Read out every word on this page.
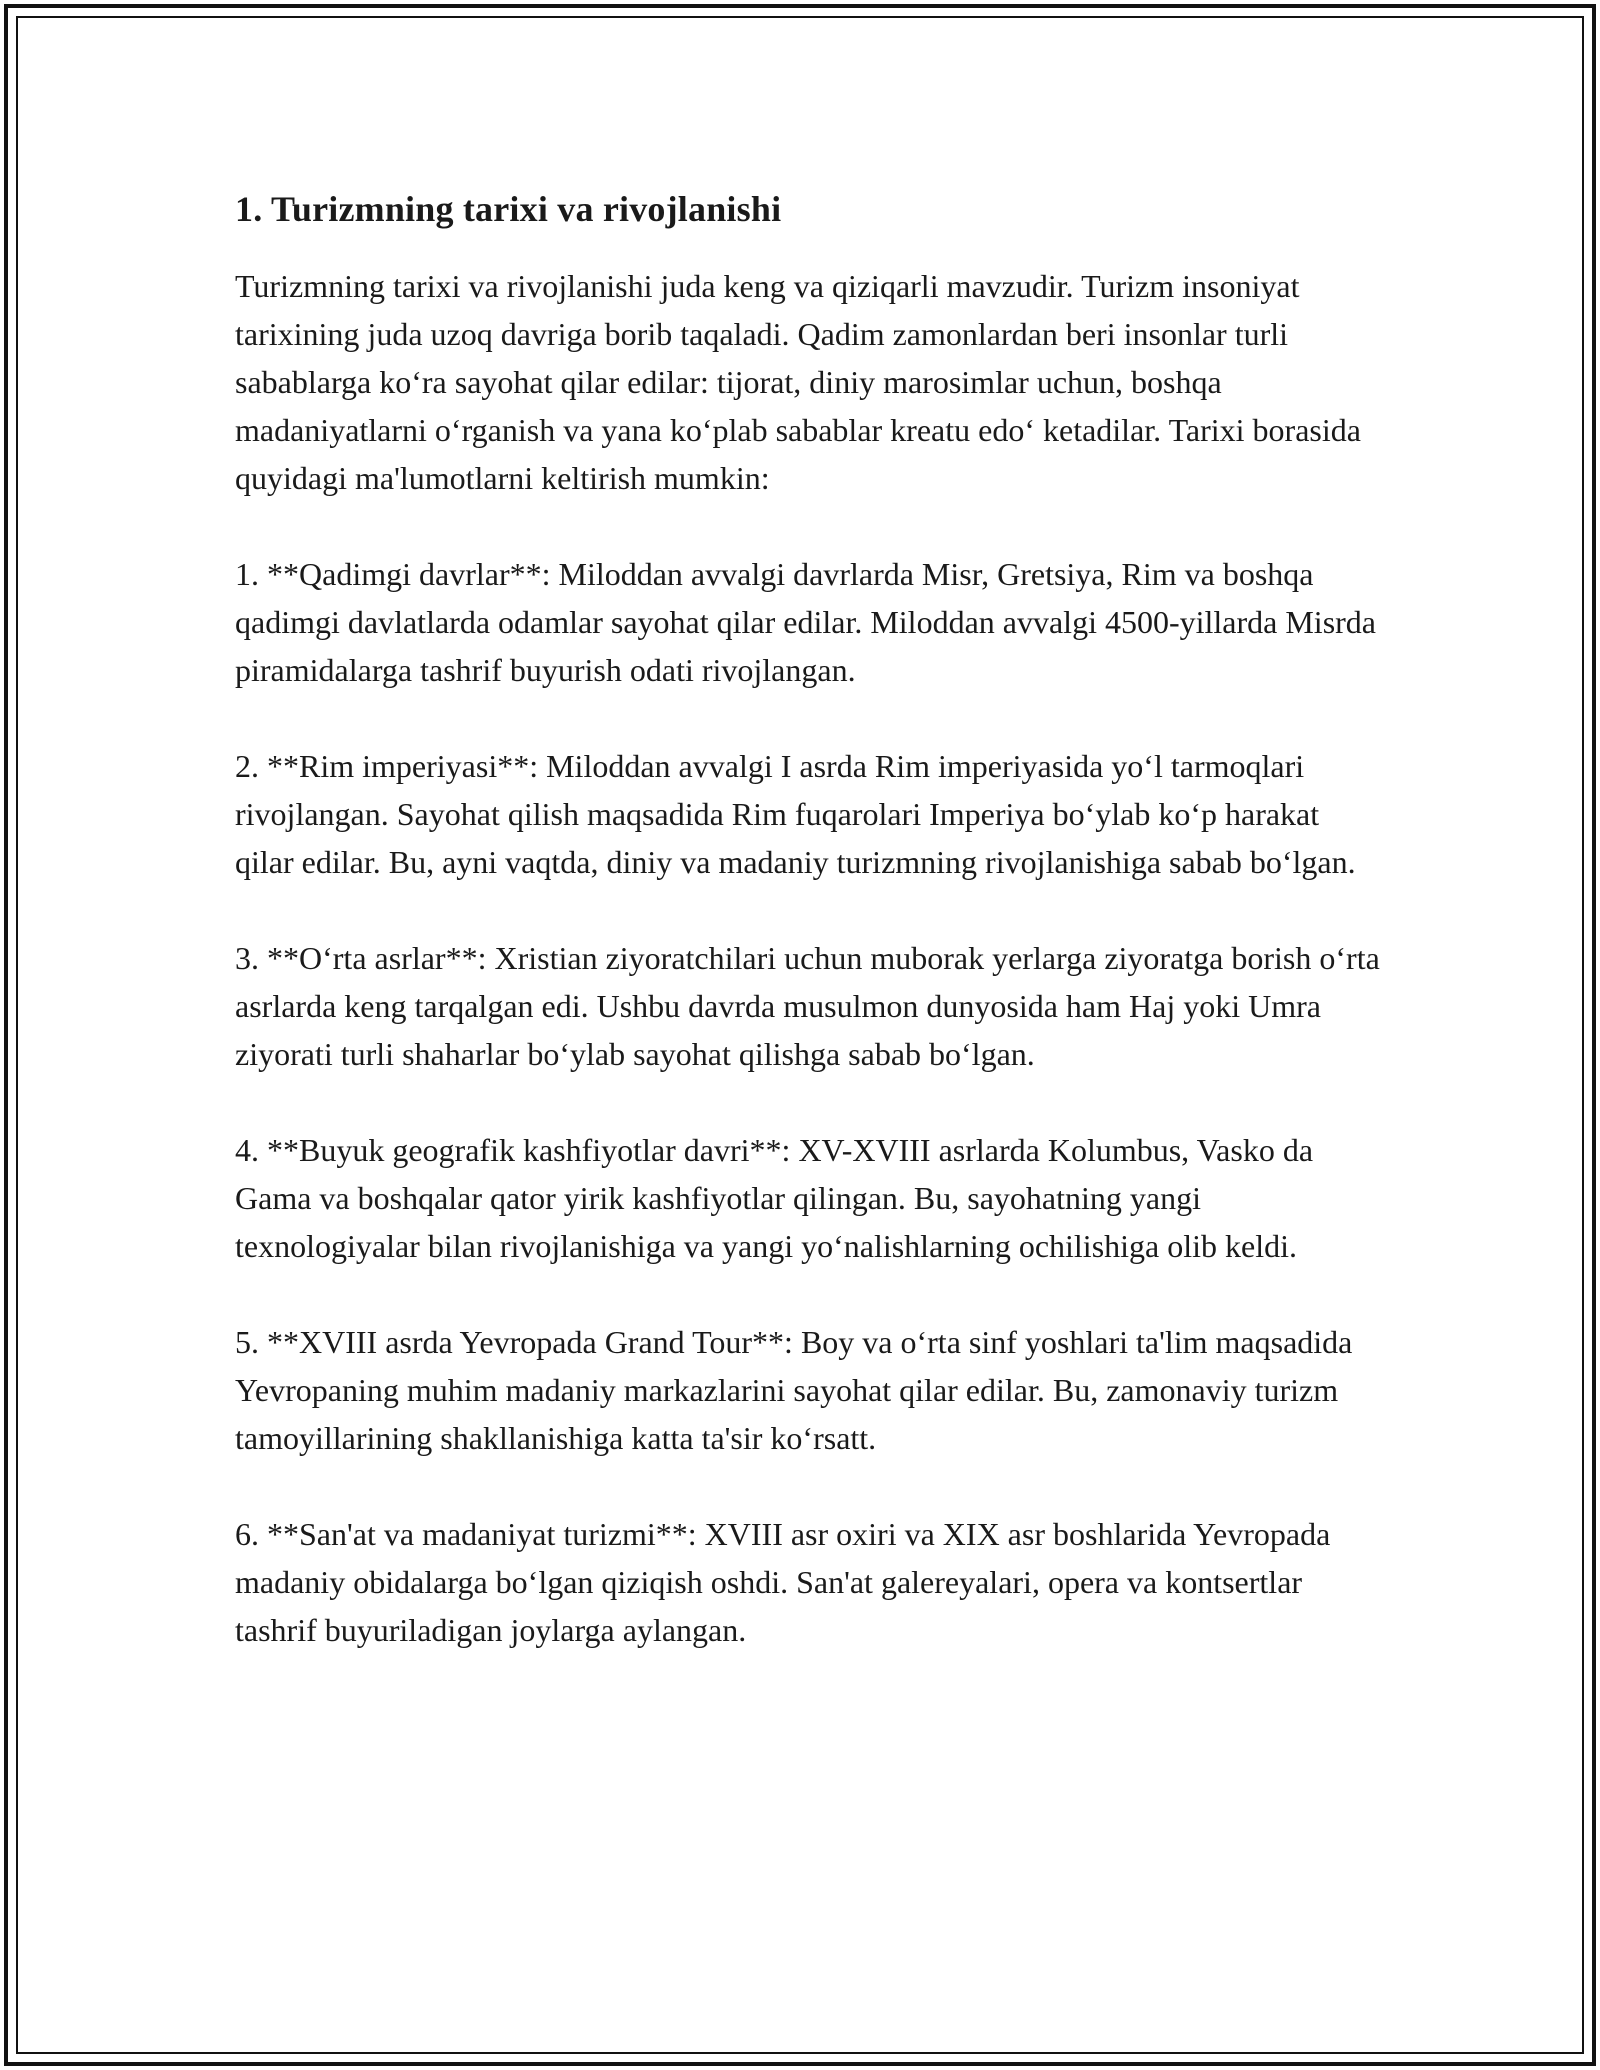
1. Turizmning tarixi va rivojlanishi

Turizmning tarixi va rivojlanishi juda keng va qiziqarli mavzudir. Turizm insoniyat tarixining juda uzoq davriga borib taqaladi. Qadim zamonlardan beri insonlar turli sabablarga ko‘ra sayohat qilar edilar: tijorat, diniy marosimlar uchun, boshqa madaniyatlarni o‘rganish va yana ko‘plab sabablar kreatu edo‘ ketadilar. Tarixi borasida quyidagi ma'lumotlarni keltirish mumkin:

1. **Qadimgi davrlar**: Miloddan avvalgi davrlarda Misr, Gretsiya, Rim va boshqa qadimgi davlatlarda odamlar sayohat qilar edilar. Miloddan avvalgi 4500-yillarda Misrda piramidalarga tashrif buyurish odati rivojlangan.

2. **Rim imperiyasi**: Miloddan avvalgi I asrda Rim imperiyasida yo‘l tarmoqlari rivojlangan. Sayohat qilish maqsadida Rim fuqarolari Imperiya bo‘ylab ko‘p harakat qilar edilar. Bu, ayni vaqtda, diniy va madaniy turizmning rivojlanishiga sabab bo‘lgan.

3. **O‘rta asrlar**: Xristian ziyoratchilari uchun muborak yerlarga ziyoratga borish o‘rta asrlarda keng tarqalgan edi. Ushbu davrda musulmon dunyosida ham Haj yoki Umra ziyorati turli shaharlar bo‘ylab sayohat qilishga sabab bo‘lgan.

4. **Buyuk geografik kashfiyotlar davri**: XV-XVIII asrlarda Kolumbus, Vasko da Gama va boshqalar qator yirik kashfiyotlar qilingan. Bu, sayohatning yangi texnologiyalar bilan rivojlanishiga va yangi yo‘nalishlarning ochilishiga olib keldi.

5. **XVIII asrda Yevropada Grand Tour**: Boy va o‘rta sinf yoshlari ta'lim maqsadida Yevropaning muhim madaniy markazlarini sayohat qilar edilar. Bu, zamonaviy turizm tamoyillarining shakllanishiga katta ta'sir ko‘rsatt.

6. **San'at va madaniyat turizmi**: XVIII asr oxiri va XIX asr boshlarida Yevropada madaniy obidalarga bo‘lgan qiziqish oshdi. San'at galereyalari, opera va kontsertlar tashrif buyuriladigan joylarga aylangan.
